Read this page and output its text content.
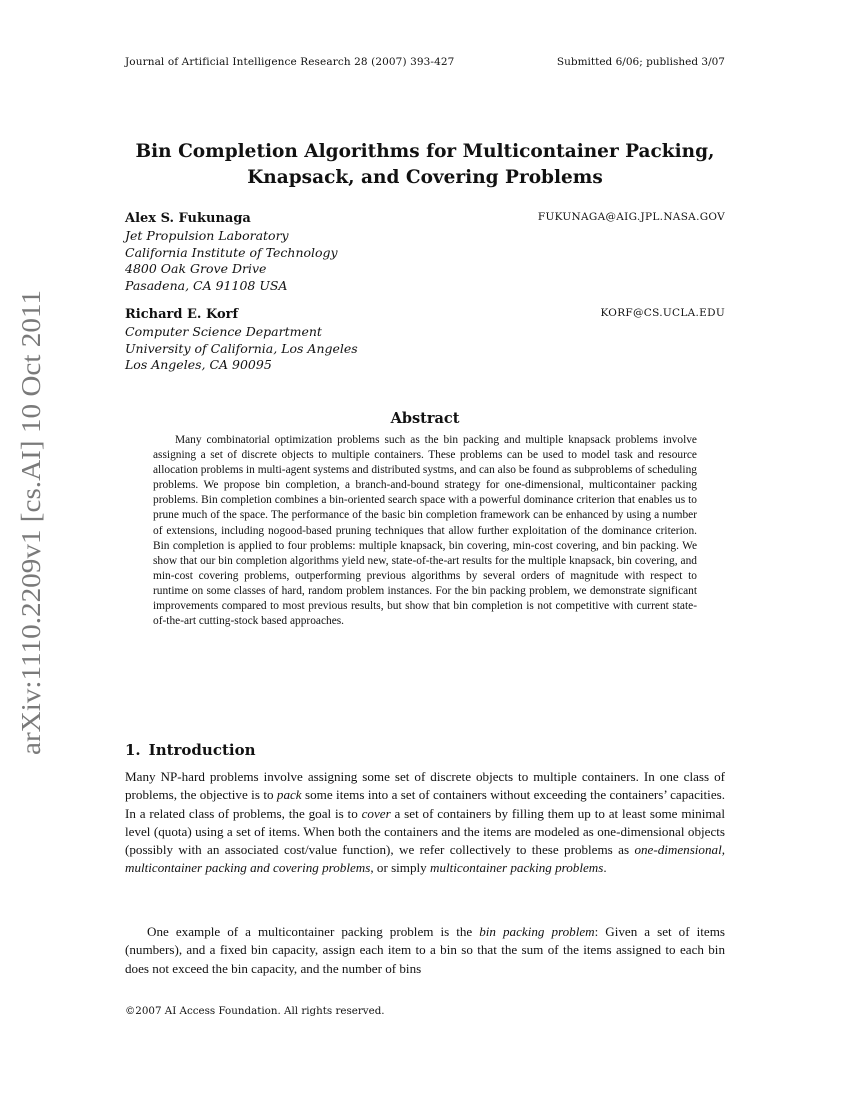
Journal of Artificial Intelligence Research 28 (2007) 393-427	Submitted 6/06; published 3/07
arXiv:1110.2209v1 [cs.AI] 10 Oct 2011
Bin Completion Algorithms for Multicontainer Packing,
Knapsack, and Covering Problems
Alex S. Fukunaga	FUKUNAGA@AIG.JPL.NASA.GOV
Jet Propulsion Laboratory
California Institute of Technology
4800 Oak Grove Drive
Pasadena, CA 91108 USA
Richard E. Korf	KORF@CS.UCLA.EDU
Computer Science Department
University of California, Los Angeles
Los Angeles, CA 90095
Abstract
Many combinatorial optimization problems such as the bin packing and multiple knapsack problems involve assigning a set of discrete objects to multiple containers. These problems can be used to model task and resource allocation problems in multi-agent systems and distributed systms, and can also be found as subproblems of scheduling problems. We propose bin completion, a branch-and-bound strategy for one-dimensional, multicontainer packing problems. Bin completion combines a bin-oriented search space with a powerful dominance criterion that enables us to prune much of the space. The performance of the basic bin completion framework can be enhanced by using a number of extensions, including nogood-based pruning techniques that allow further exploitation of the dominance criterion. Bin completion is applied to four problems: multiple knapsack, bin covering, min-cost covering, and bin packing. We show that our bin completion algorithms yield new, state-of-the-art results for the multiple knapsack, bin covering, and min-cost covering problems, outperforming previous algorithms by several orders of magnitude with respect to runtime on some classes of hard, random problem instances. For the bin packing problem, we demonstrate significant improvements compared to most previous results, but show that bin completion is not competitive with current state-of-the-art cutting-stock based approaches.
1. Introduction
Many NP-hard problems involve assigning some set of discrete objects to multiple containers. In one class of problems, the objective is to pack some items into a set of containers without exceeding the containers’ capacities. In a related class of problems, the goal is to cover a set of containers by filling them up to at least some minimal level (quota) using a set of items. When both the containers and the items are modeled as one-dimensional objects (possibly with an associated cost/value function), we refer collectively to these problems as one-dimensional, multicontainer packing and covering problems, or simply multicontainer packing problems.
One example of a multicontainer packing problem is the bin packing problem: Given a set of items (numbers), and a fixed bin capacity, assign each item to a bin so that the sum of the items assigned to each bin does not exceed the bin capacity, and the number of bins
©2007 AI Access Foundation. All rights reserved.
